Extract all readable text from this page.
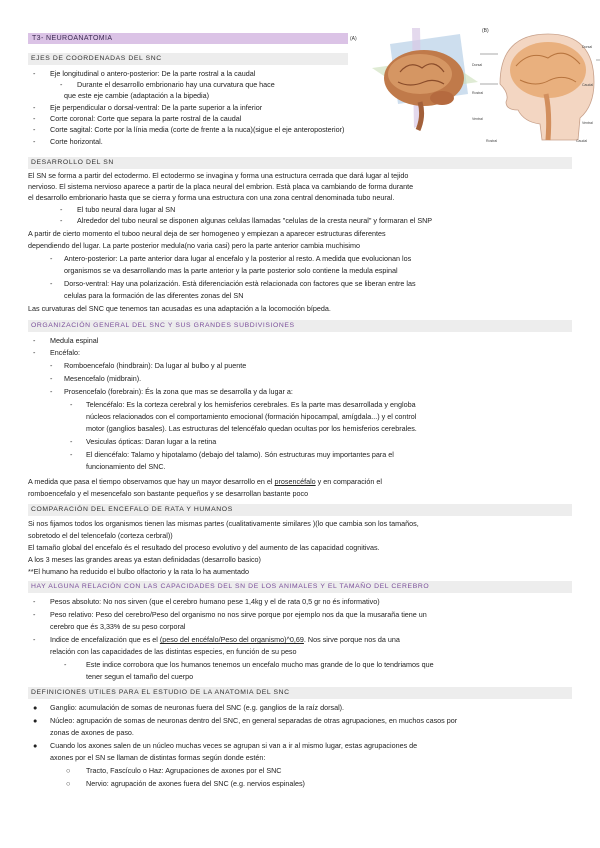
T3- NEUROANATOMIA	(A)
(B)
Dorsal
Rostral
Ventral
Dorsal
Caudal
Ventral
Rostral	Caudal
EJES DE COORDENADAS DEL SNC
- Eje longitudinal o antero-posterior: De la parte rostral a la caudal
- Durante el desarrollo embrionario hay una curvatura que hace
que este eje cambie (adaptación a la bipedia)
- Eje perpendicular o dorsal-ventral: De la parte superior a la inferior
- Corte coronal: Corte que separa la parte rostral de la caudal
- Corte sagital: Corte por la línia media (corte de frente a la nuca)(sigue el eje anteroposterior)
- Corte horizontal.
DESARROLLO DEL SN
El SN se forma a partir del ectodermo. El ectodermo se invagina y forma una estructura cerrada que dará lugar al tejido
nervioso. El sistema nervioso aparece a partir de la placa neural del embrion. Està placa va cambiando de forma durante
el desarrollo embrionario hasta que se cierra y forma una estructura con una zona central denominada tubo neural.
- El tubo neural dara lugar al SN
- Alrededor del tubo neural se disponen algunas celulas llamadas "celulas de la cresta neural" y formaran el SNP
A partir de cierto momento el tuboo neural deja de ser homogeneo y empiezan a aparecer estructuras diferentes
dependiendo del lugar. La parte posterior medula(no varia casi) pero la parte anterior cambia muchisimo
- Antero-posterior: La parte anterior dara lugar al encefalo y la posterior al resto. A medida que evolucionan los
organismos se va desarrollando mas la parte anterior y la parte posterior solo contiene la medula espinal
- Dorso-ventral: Hay una polarización. Està diferenciación està relacionada con factores que se liberan entre las
celulas para la formación de las diferentes zonas del SN
Las curvaturas del SNC que tenemos tan acusadas es una adaptación a la locomoción bípeda.
ORGANIZACIÓN GENERAL DEL SNC Y SUS GRANDES SUBDIVISIONES
- Medula espinal
- Encéfalo:
- Romboencefalo (hindbrain): Da lugar al bulbo y al puente
- Mesencefalo (midbrain).
- Prosencefalo (forebrain): És la zona que mas se desarrolla y da lugar a:
- Telencéfalo: Es la corteza cerebral y los hemisferios cerebrales. Es la parte mas desarrollada y engloba
núcleos relacionados con el comportamiento emocional (formación hipocampal, amígdala...) y el control
motor (ganglios basales). Las estructuras del telencéfalo quedan ocultas por los hemisferios cerebrales.
- Vesiculas ópticas: Daran lugar a la retina
- El diencéfalo: Talamo y hipotalamo (debajo del talamo). Són estructuras muy importantes para el
funcionamiento del SNC.
A medida que pasa el tiempo observamos que hay un mayor desarrollo en el prosencéfalo y en comparación el
romboencefalo y el mesencefalo son bastante pequeños y se desarrollan bastante poco
COMPARACIÓN DEL ENCEFALO DE RATA Y HUMANOS
Si nos fijamos todos los organismos tienen las mismas partes (cualitativamente similares )(lo que cambia son los tamaños,
sobretodo el del telencefalo (corteza cerbral))
El tamaño global del encefalo és el resultado del proceso evolutivo y del aumento de las capacidad cognitivas.
A los 3 meses las grandes areas ya estan definidadas (desarrollo basico)
**El humano ha reducido el bulbo olfactorio y la rata lo ha aumentado
HAY ALGUNA RELACIÓN CON LAS CAPACIDADES DEL SN DE LOS ANIMALES Y EL TAMAÑO DEL CEREBRO
- Pesos absoluto: No nos sirven (que el cerebro humano pese 1,4kg y el de rata 0,5 gr no és informativo)
- Peso relativo: Peso del cerebro/Peso del organismo no nos sirve porque por ejemplo nos da que la musaraña tiene un
cerebro que és 3,33% de su peso corporal
- Indice de encefalización que es el (peso del encéfalo/Peso del organismo)^0,69. Nos sirve porque nos da una
relación con las capacidades de las distintas especies, en función de su peso
-	Este indice corrobora que los humanos tenemos un encefalo mucho mas grande de lo que lo tendriamos que
tener segun el tamaño del cuerpo
DEFINICIONES UTILES PARA EL ESTUDIO DE LA ANATOMIA DEL SNC
● Ganglio: acumulación de somas de neuronas fuera del SNC (e.g. ganglios de la raíz dorsal).
● Núcleo: agrupación de somas de neuronas dentro del SNC, en general separadas de otras agrupaciones, en muchos casos por
zonas de axones de paso.
● Cuando los axones salen de un núcleo muchas veces se agrupan si van a ir al mismo lugar, estas agrupaciones de
axones por el SN se llaman de distintas formas según donde estén:
○ Tracto, Fascículo o Haz: Agrupaciones de axones por el SNC
○ Nervio: agrupación de axones fuera del SNC (e.g. nervios espinales)
